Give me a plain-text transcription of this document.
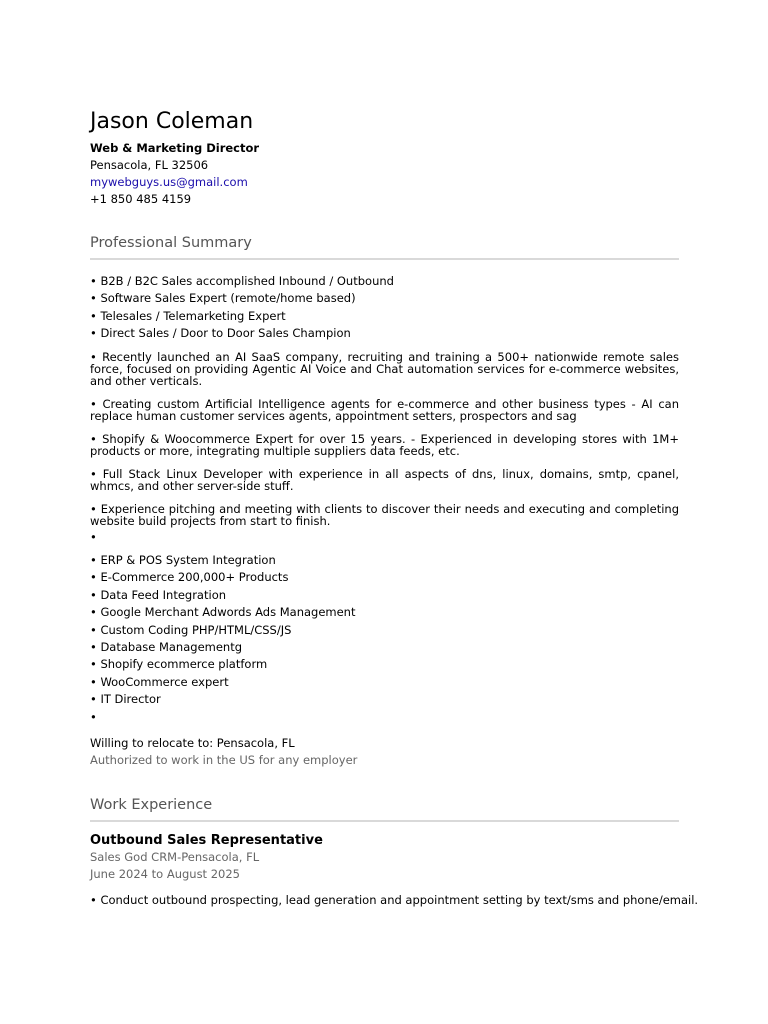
Jason Coleman
Web & Marketing Director
Pensacola, FL 32506
mywebguys.us@gmail.com
+1 850 485 4159
Professional Summary

• B2B / B2C Sales accomplished Inbound / Outbound

• Software Sales Expert (remote/home based)

• Telesales / Telemarketing Expert

• Direct Sales / Door to Door Sales Champion

• Recently launched an AI SaaS company, recruiting and training a 500+ nationwide remote sales force, focused on providing Agentic AI Voice and Chat automation services for e-commerce websites, and other verticals.

• Creating custom Artificial Intelligence agents for e-commerce and other business types - AI can replace human customer services agents, appointment setters, prospectors and sag

• Shopify & Woocommerce Expert for over 15 years. - Experienced in developing stores with 1M+ products or more, integrating multiple suppliers data feeds, etc.

• Full Stack Linux Developer with experience in all aspects of dns, linux, domains, smtp, cpanel, whmcs, and other server-side stuff.

• Experience pitching and meeting with clients to discover their needs and executing and completing website build projects from start to finish.

•

• ERP & POS System Integration

• E-Commerce 200,000+ Products

• Data Feed Integration

• Google Merchant Adwords Ads Management

• Custom Coding PHP/HTML/CSS/JS

• Database Managementg

• Shopify ecommerce platform

• WooCommerce expert

• IT Director

•

Willing to relocate to: Pensacola, FL

Authorized to work in the US for any employer

Work Experience
Outbound Sales Representative

Sales God CRM-Pensacola, FL

June 2024 to August 2025

• Conduct outbound prospecting, lead generation and appointment setting by text/sms and phone/email.
